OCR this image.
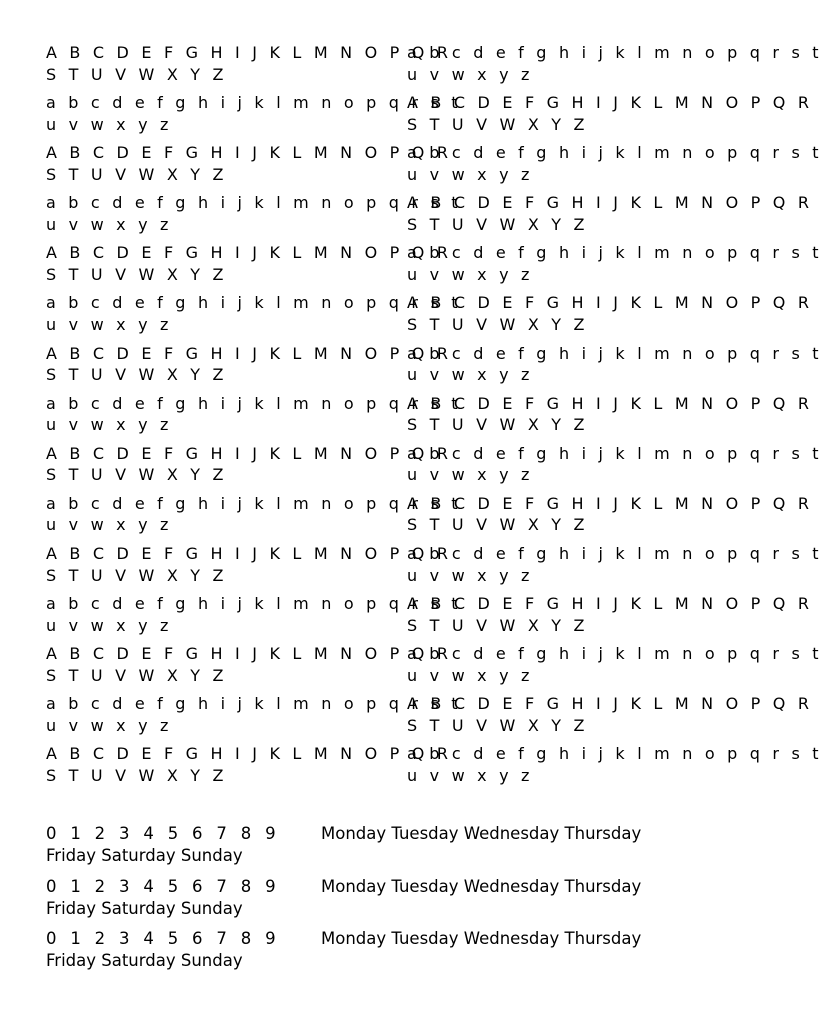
A B C D E F G H I J K L M N O P Q R
S T U V W X Y Z
a b c d e f g h i j k l m n o p q r s t
u v w x y z
a b c d e f g h i j k l m n o p q r s t
u v w x y z
A B C D E F G H I J K L M N O P Q R
S T U V W X Y Z
A B C D E F G H I J K L M N O P Q R
S T U V W X Y Z
a b c d e f g h i j k l m n o p q r s t
u v w x y z
a b c d e f g h i j k l m n o p q r s t
u v w x y z
A B C D E F G H I J K L M N O P Q R
S T U V W X Y Z
A B C D E F G H I J K L M N O P Q R
S T U V W X Y Z
a b c d e f g h i j k l m n o p q r s t
u v w x y z
a b c d e f g h i j k l m n o p q r s t
u v w x y z
A B C D E F G H I J K L M N O P Q R
S T U V W X Y Z
A B C D E F G H I J K L M N O P Q R
S T U V W X Y Z
a b c d e f g h i j k l m n o p q r s t
u v w x y z
a b c d e f g h i j k l m n o p q r s t
u v w x y z
A B C D E F G H I J K L M N O P Q R
S T U V W X Y Z
A B C D E F G H I J K L M N O P Q R
S T U V W X Y Z
a b c d e f g h i j k l m n o p q r s t
u v w x y z
a b c d e f g h i j k l m n o p q r s t
u v w x y z
A B C D E F G H I J K L M N O P Q R
S T U V W X Y Z
A B C D E F G H I J K L M N O P Q R
S T U V W X Y Z
a b c d e f g h i j k l m n o p q r s t
u v w x y z
a b c d e f g h i j k l m n o p q r s t
u v w x y z
A B C D E F G H I J K L M N O P Q R
S T U V W X Y Z
A B C D E F G H I J K L M N O P Q R
S T U V W X Y Z
a b c d e f g h i j k l m n o p q r s t
u v w x y z
a b c d e f g h i j k l m n o p q r s t
u v w x y z
A B C D E F G H I J K L M N O P Q R
S T U V W X Y Z
A B C D E F G H I J K L M N O P Q R
S T U V W X Y Z
a b c d e f g h i j k l m n o p q r s t
u v w x y z
0 1 2 3 4 5 6 7 8 9 Monday Tuesday Wednesday Thursday
Friday Saturday Sunday
0 1 2 3 4 5 6 7 8 9 Monday Tuesday Wednesday Thursday
Friday Saturday Sunday
0 1 2 3 4 5 6 7 8 9 Monday Tuesday Wednesday Thursday
Friday Saturday Sunday
